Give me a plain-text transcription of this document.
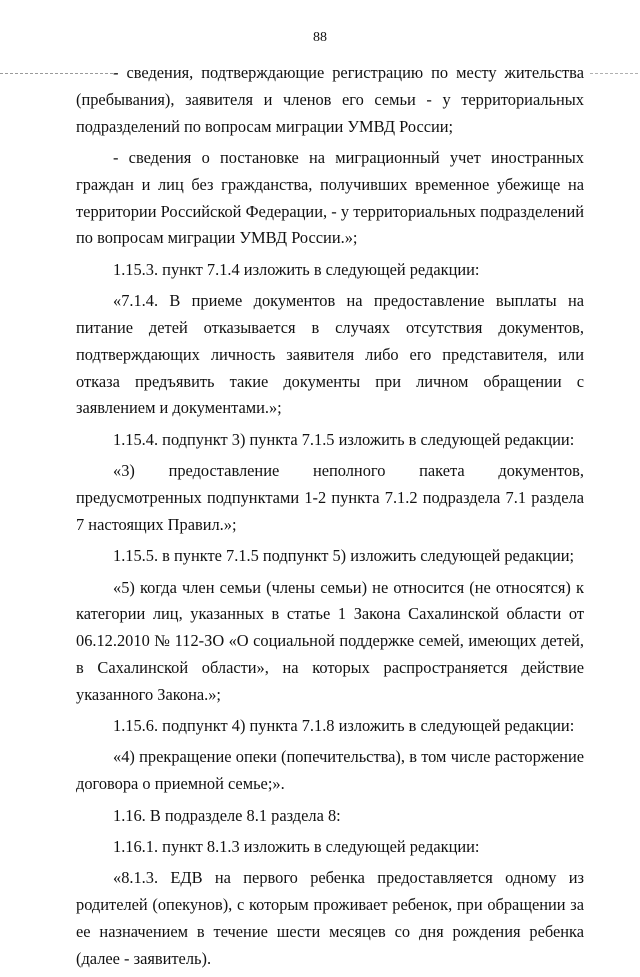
88

- сведения, подтверждающие регистрацию по месту жительства (пребывания), заявителя и членов его семьи - у территориальных подразделений по вопросам миграции УМВД России;

- сведения о постановке на миграционный учет иностранных граждан и лиц без гражданства, получивших временное убежище на территории Российской Федерации, - у территориальных подразделений по вопросам миграции УМВД России.»;

1.15.3. пункт 7.1.4 изложить в следующей редакции:

«7.1.4. В приеме документов на предоставление выплаты на питание детей отказывается в случаях отсутствия документов, подтверждающих личность заявителя либо его представителя, или отказа предъявить такие документы при личном обращении с заявлением и документами.»;

1.15.4. подпункт 3) пункта 7.1.5 изложить в следующей редакции:

«3) предоставление неполного пакета документов, предусмотренных подпунктами 1-2 пункта 7.1.2 подраздела 7.1 раздела 7 настоящих Правил.»;

1.15.5. в пункте 7.1.5 подпункт 5) изложить следующей редакции;

«5) когда член семьи (члены семьи) не относится (не относятся) к категории лиц, указанных в статье 1 Закона Сахалинской области от 06.12.2010 № 112-ЗО «О социальной поддержке семей, имеющих детей, в Сахалинской области», на которых распространяется действие указанного Закона.»;

1.15.6. подпункт 4) пункта 7.1.8 изложить в следующей редакции:

«4) прекращение опеки (попечительства), в том числе расторжение договора о приемной семье;».

1.16. В подразделе 8.1 раздела 8:

1.16.1. пункт 8.1.3 изложить в следующей редакции:

«8.1.3. ЕДВ на первого ребенка предоставляется одному из родителей (опекунов), с которым проживает ребенок, при обращении за ее назначением в течение шести месяцев со дня рождения ребенка (далее - заявитель).
